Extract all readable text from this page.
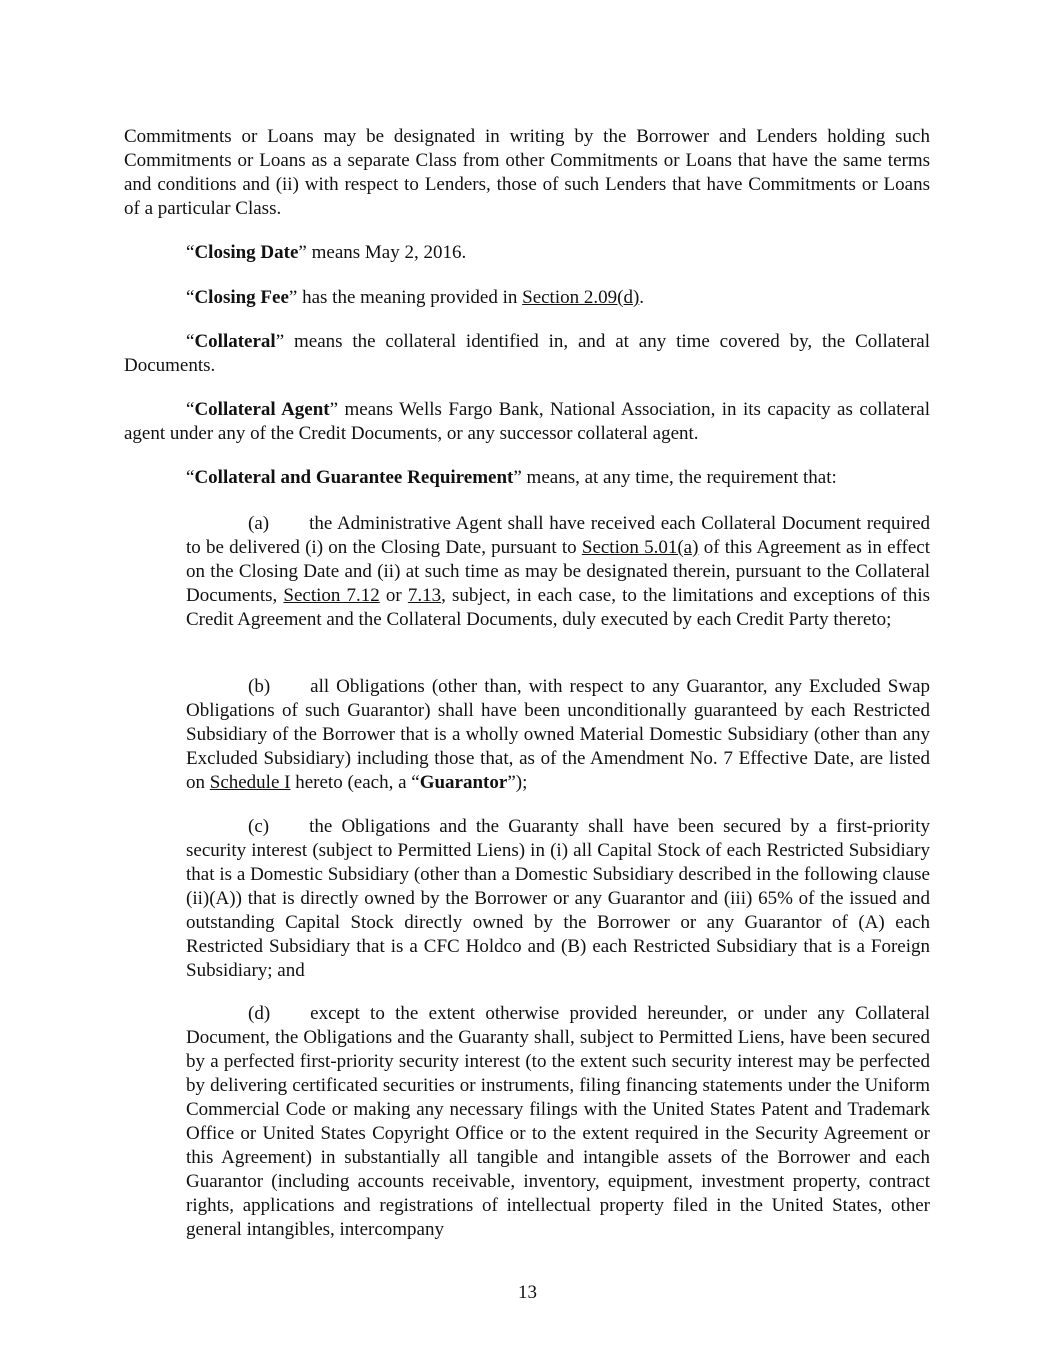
Commitments or Loans may be designated in writing by the Borrower and Lenders holding such Commitments or Loans as a separate Class from other Commitments or Loans that have the same terms and conditions and (ii) with respect to Lenders, those of such Lenders that have Commitments or Loans of a particular Class.

“Closing Date” means May 2, 2016.

“Closing Fee” has the meaning provided in Section 2.09(d).

“Collateral” means the collateral identified in, and at any time covered by, the Collateral Documents.

“Collateral Agent” means Wells Fargo Bank, National Association, in its capacity as collateral agent under any of the Credit Documents, or any successor collateral agent.

“Collateral and Guarantee Requirement” means, at any time, the requirement that:

(a) the Administrative Agent shall have received each Collateral Document required to be delivered (i) on the Closing Date, pursuant to Section 5.01(a) of this Agreement as in effect on the Closing Date and (ii) at such time as may be designated therein, pursuant to the Collateral Documents, Section 7.12 or 7.13, subject, in each case, to the limitations and exceptions of this Credit Agreement and the Collateral Documents, duly executed by each Credit Party thereto;

(b) all Obligations (other than, with respect to any Guarantor, any Excluded Swap Obligations of such Guarantor) shall have been unconditionally guaranteed by each Restricted Subsidiary of the Borrower that is a wholly owned Material Domestic Subsidiary (other than any Excluded Subsidiary) including those that, as of the Amendment No. 7 Effective Date, are listed on Schedule I hereto (each, a “Guarantor”);

(c) the Obligations and the Guaranty shall have been secured by a first-priority security interest (subject to Permitted Liens) in (i) all Capital Stock of each Restricted Subsidiary that is a Domestic Subsidiary (other than a Domestic Subsidiary described in the following clause (ii)(A)) that is directly owned by the Borrower or any Guarantor and (iii) 65% of the issued and outstanding Capital Stock directly owned by the Borrower or any Guarantor of (A) each Restricted Subsidiary that is a CFC Holdco and (B) each Restricted Subsidiary that is a Foreign Subsidiary; and

(d) except to the extent otherwise provided hereunder, or under any Collateral Document, the Obligations and the Guaranty shall, subject to Permitted Liens, have been secured by a perfected first-priority security interest (to the extent such security interest may be perfected by delivering certificated securities or instruments, filing financing statements under the Uniform Commercial Code or making any necessary filings with the United States Patent and Trademark Office or United States Copyright Office or to the extent required in the Security Agreement or this Agreement) in substantially all tangible and intangible assets of the Borrower and each Guarantor (including accounts receivable, inventory, equipment, investment property, contract rights, applications and registrations of intellectual property filed in the United States, other general intangibles, intercompany

13
